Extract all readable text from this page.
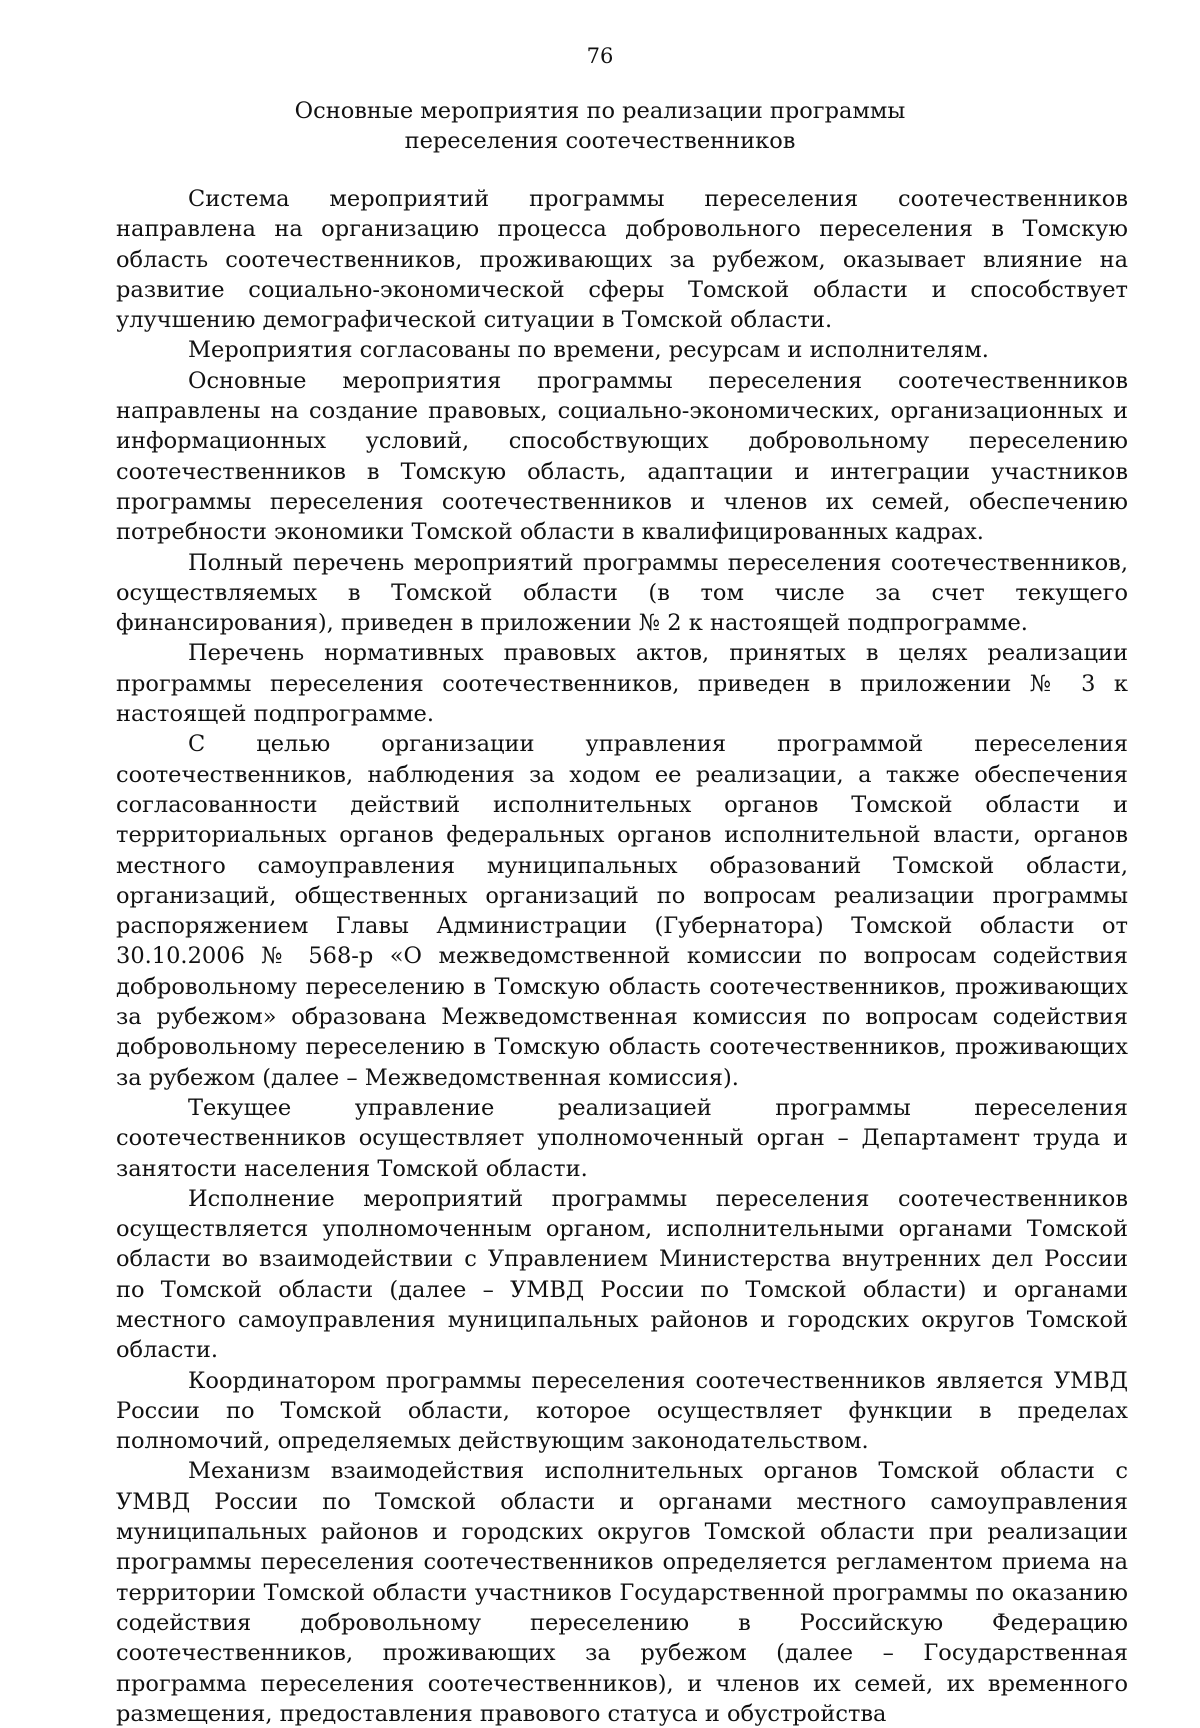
76
Основные мероприятия по реализации программы
переселения соотечественников

Система мероприятий программы переселения соотечественников направлена на организацию процесса добровольного переселения в Томскую область соотечественников, проживающих за рубежом, оказывает влияние на развитие социально-экономической сферы Томской области и способствует улучшению демографической ситуации в Томской области.

Мероприятия согласованы по времени, ресурсам и исполнителям.

Основные мероприятия программы переселения соотечественников направлены на создание правовых, социально-экономических, организационных и информационных условий, способствующих добровольному переселению соотечественников в Томскую область, адаптации и интеграции участников программы переселения соотечественников и членов их семей, обеспечению потребности экономики Томской области в квалифицированных кадрах.

Полный перечень мероприятий программы переселения соотечественников, осуществляемых в Томской области (в том числе за счет текущего финансирования), приведен в приложении № 2 к настоящей подпрограмме.

Перечень нормативных правовых актов, принятых в целях реализации программы переселения соотечественников, приведен в приложении № 3 к настоящей подпрограмме.

С целью организации управления программой переселения соотечественников, наблюдения за ходом ее реализации, а также обеспечения согласованности действий исполнительных органов Томской области и территориальных органов федеральных органов исполнительной власти, органов местного самоуправления муниципальных образований Томской области, организаций, общественных организаций по вопросам реализации программы распоряжением Главы Администрации (Губернатора) Томской области от 30.10.2006 № 568-р «О межведомственной комиссии по вопросам содействия добровольному переселению в Томскую область соотечественников, проживающих за рубежом» образована Межведомственная комиссия по вопросам содействия добровольному переселению в Томскую область соотечественников, проживающих за рубежом (далее – Межведомственная комиссия).

Текущее управление реализацией программы переселения соотечественников осуществляет уполномоченный орган – Департамент труда и занятости населения Томской области.

Исполнение мероприятий программы переселения соотечественников осуществляется уполномоченным органом, исполнительными органами Томской области во взаимодействии с Управлением Министерства внутренних дел России по Томской области (далее – УМВД России по Томской области) и органами местного самоуправления муниципальных районов и городских округов Томской области.

Координатором программы переселения соотечественников является УМВД России по Томской области, которое осуществляет функции в пределах полномочий, определяемых действующим законодательством.

Механизм взаимодействия исполнительных органов Томской области с УМВД России по Томской области и органами местного самоуправления муниципальных районов и городских округов Томской области при реализации программы переселения соотечественников определяется регламентом приема на территории Томской области участников Государственной программы по оказанию содействия добровольному переселению в Российскую Федерацию соотечественников, проживающих за рубежом (далее – Государственная программа переселения соотечественников), и членов их семей, их временного размещения, предоставления правового статуса и обустройства
